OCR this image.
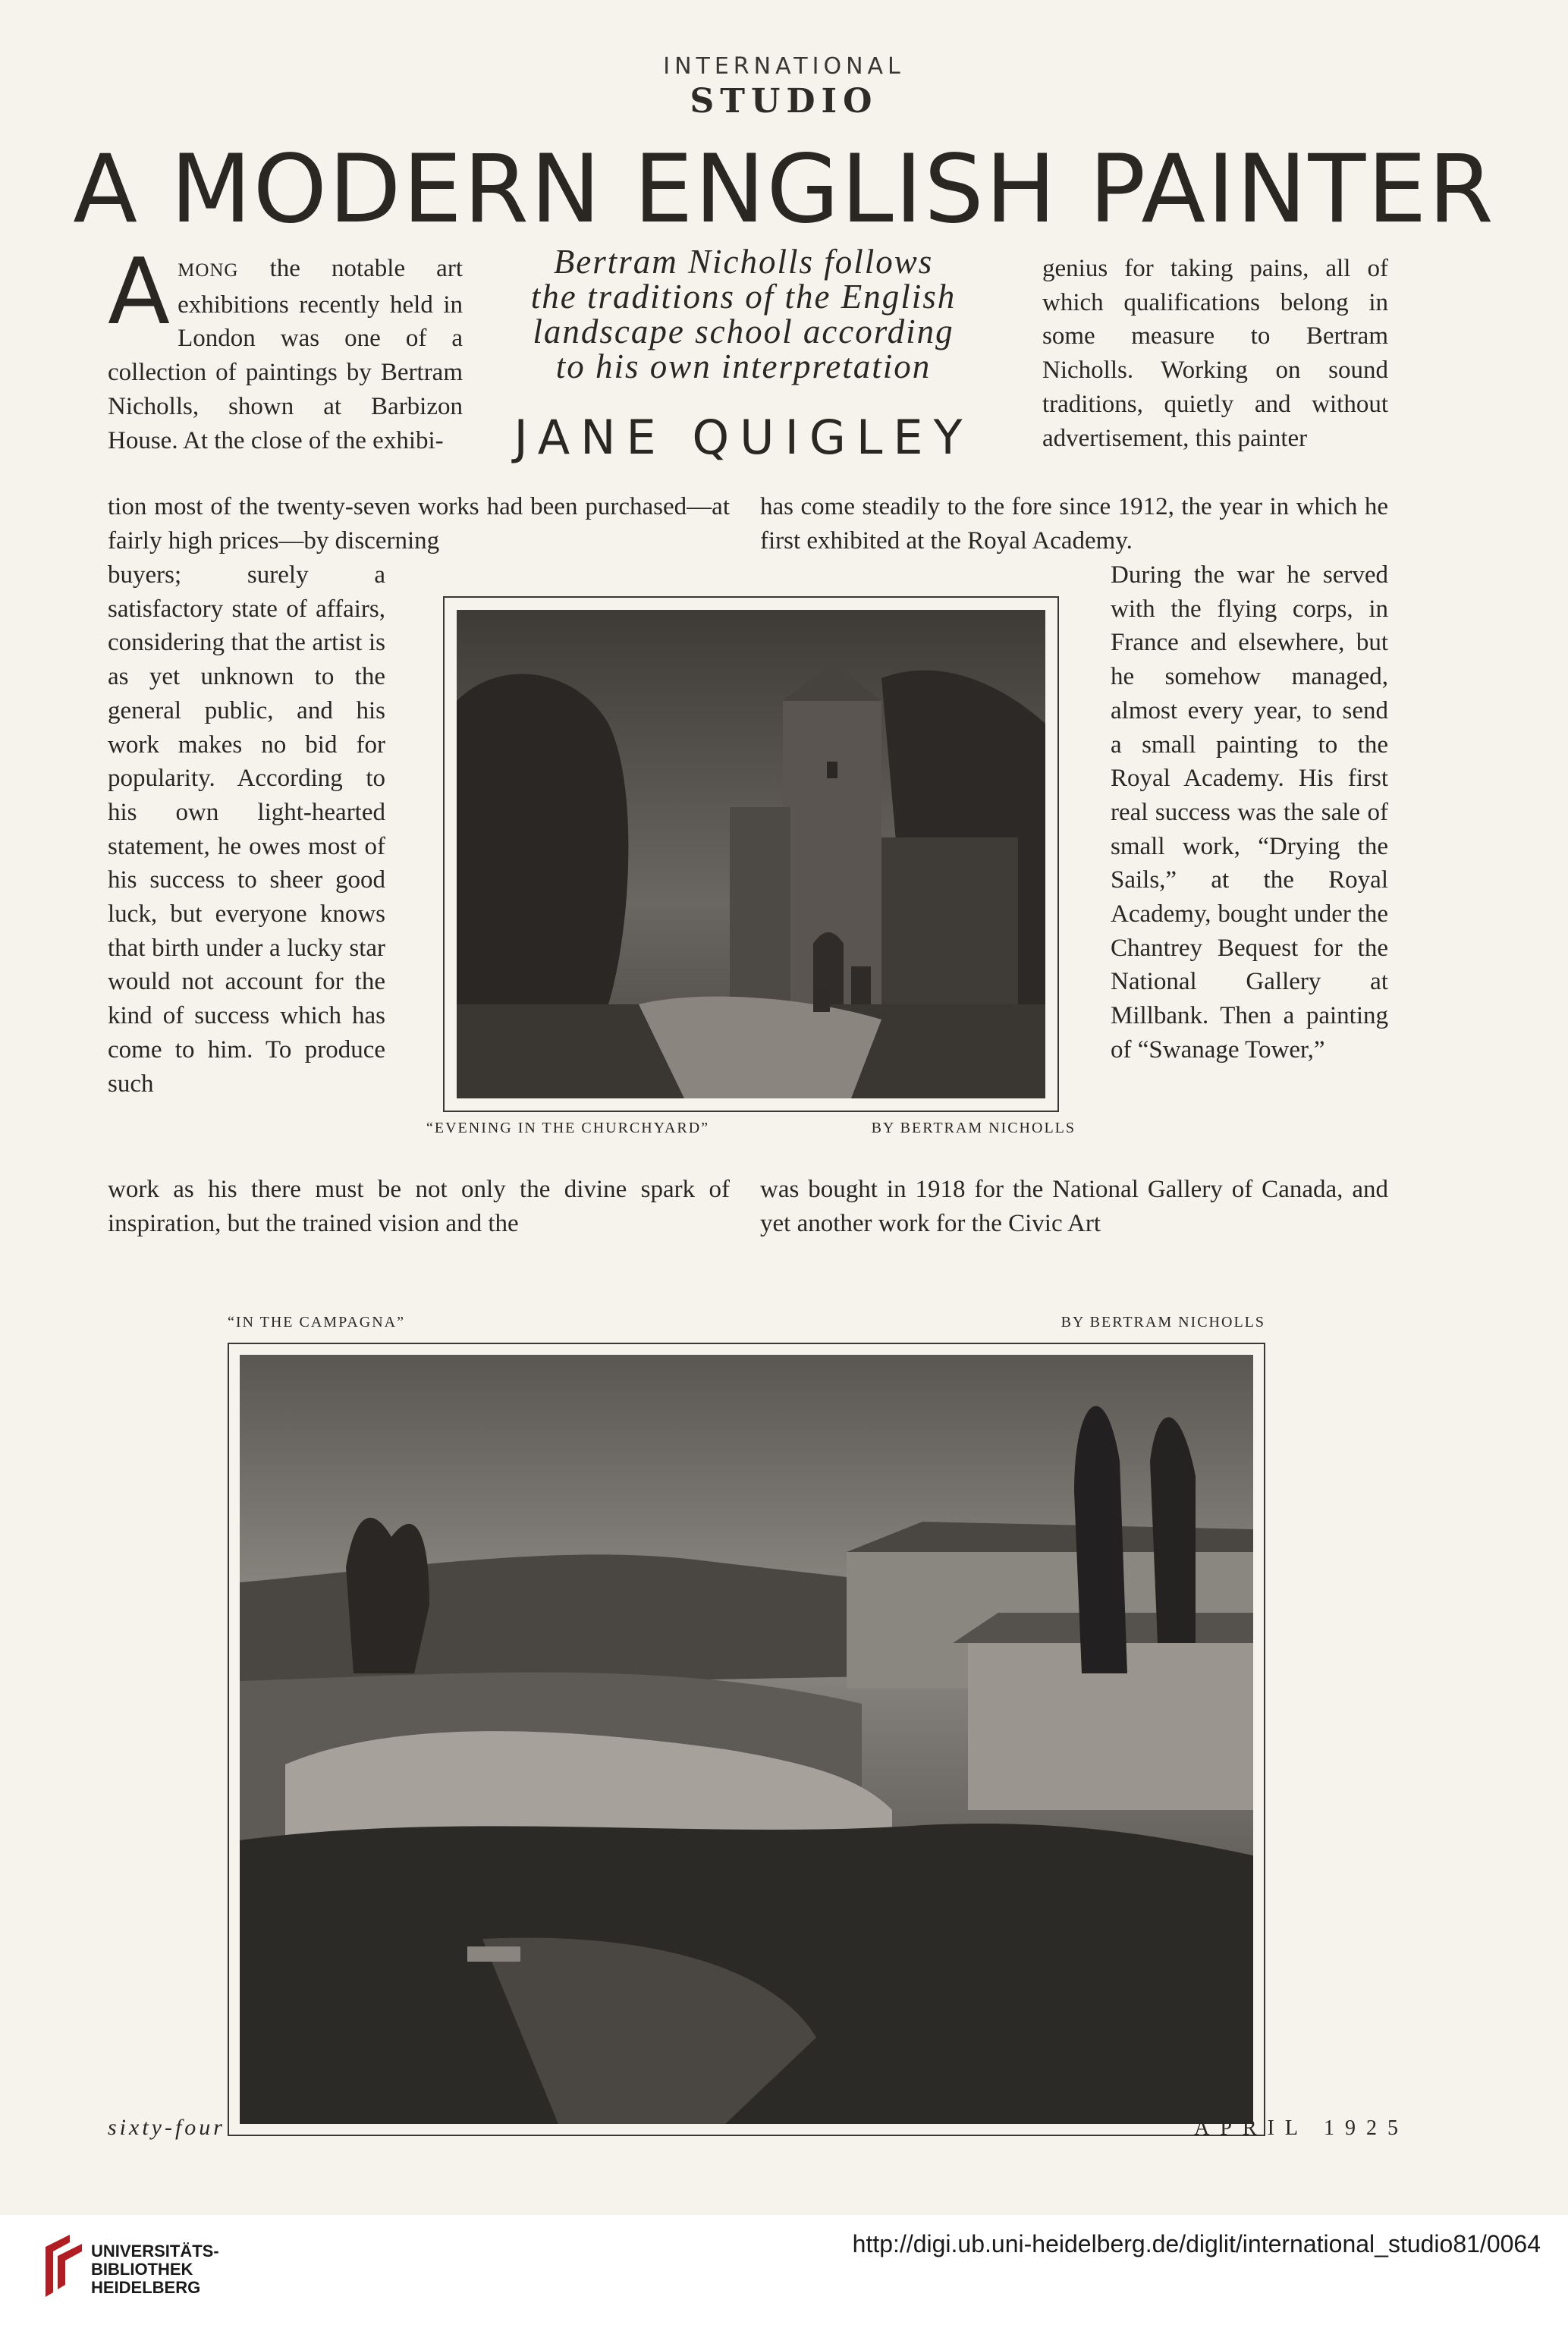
INTERNATIONAL
STUDIO
A MODERN ENGLISH PAINTER
Bertram Nicholls follows
the traditions of the English
landscape school according
to his own interpretation
JANE QUIGLEY

A MONG the notable art exhibitions recently held in London was one of a collection of paintings by Bertram Nicholls, shown at Barbizon House. At the close of the exhibi-

genius for taking pains, all of which qualifications belong in some measure to Bertram Nicholls. Working on sound traditions, quietly and without advertisement, this painter

tion most of the twenty-seven works had been purchased—at fairly high prices—by discerning

has come steadily to the fore since 1912, the year in which he first exhibited at the Royal Academy.

buyers; surely a satisfactory state of affairs, considering that the artist is as yet unknown to the general public, and his work makes no bid for popularity. According to his own light-hearted statement, he owes most of his success to sheer good luck, but everyone knows that birth under a lucky star would not account for the kind of success which has come to him. To produce such

During the war he served with the flying corps, in France and elsewhere, but he somehow managed, almost every year, to send a small painting to the Royal Academy. His first real success was the sale of small work, “Drying the Sails,” at the Royal Academy, bought under the Chantrey Bequest for the National Gallery at Millbank. Then a painting of “Swanage Tower,”

“EVENING IN THE CHURCHYARD”	BY BERTRAM NICHOLLS

work as his there must be not only the divine spark of inspiration, but the trained vision and the

was bought in 1918 for the National Gallery of Canada, and yet another work for the Civic Art

“IN THE CAMPAGNA”	BY BERTRAM NICHOLLS
sixty-four	APRIL 1925
UNIVERSITÄTS-
BIBLIOTHEK
HEIDELBERG
http://digi.ub.uni-heidelberg.de/diglit/international_studio81/0064
